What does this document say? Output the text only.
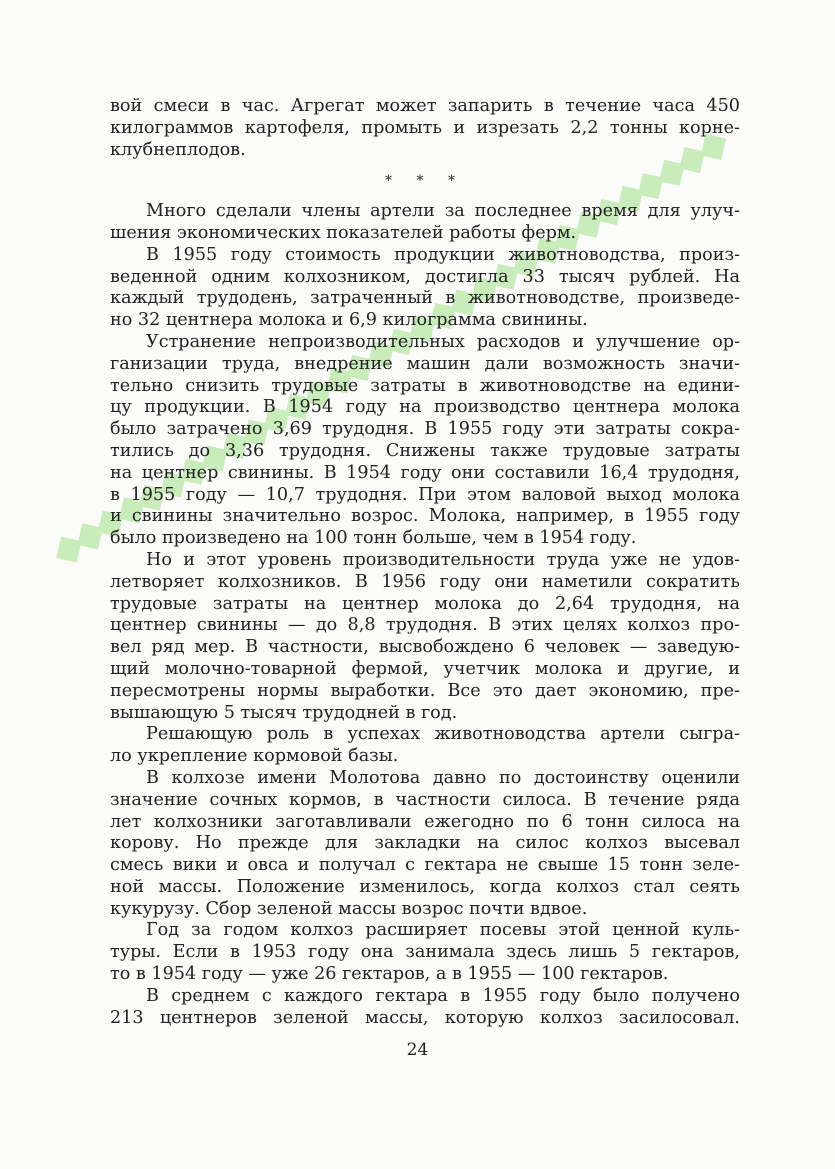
вой смеси в час. Агрегат может запарить в течение часа 450
килограммов картофеля, промыть и изрезать 2,2 тонны корне-
клубнеплодов.
* * *
Много сделали члены артели за последнее время для улуч-
шения экономических показателей работы ферм.
В 1955 году стоимость продукции животноводства, произ-
веденной одним колхозником, достигла 33 тысяч рублей. На
каждый трудодень, затраченный в животноводстве, произведе-
но 32 центнера молока и 6,9 килограмма свинины.
Устранение непроизводительных расходов и улучшение ор-
ганизации труда, внедрение машин дали возможность значи-
тельно снизить трудовые затраты в животноводстве на едини-
цу продукции. В 1954 году на производство центнера молока
было затрачено 3,69 трудодня. В 1955 году эти затраты сокра-
тились до 3,36 трудодня. Снижены также трудовые затраты
на центнер свинины. В 1954 году они составили 16,4 трудодня,
в 1955 году — 10,7 трудодня. При этом валовой выход молока
и свинины значительно возрос. Молока, например, в 1955 году
было произведено на 100 тонн больше, чем в 1954 году.
Но и этот уровень производительности труда уже не удов-
летворяет колхозников. В 1956 году они наметили сократить
трудовые затраты на центнер молока до 2,64 трудодня, на
центнер свинины — до 8,8 трудодня. В этих целях колхоз про-
вел ряд мер. В частности, высвобождено 6 человек — заведую-
щий молочно-товарной фермой, учетчик молока и другие, и
пересмотрены нормы выработки. Все это дает экономию, пре-
вышающую 5 тысяч трудодней в год.
Решающую роль в успехах животноводства артели сыгра-
ло укрепление кормовой базы.
В колхозе имени Молотова давно по достоинству оценили
значение сочных кормов, в частности силоса. В течение ряда
лет колхозники заготавливали ежегодно по 6 тонн силоса на
корову. Но прежде для закладки на силос колхоз высевал
смесь вики и овса и получал с гектара не свыше 15 тонн зеле-
ной массы. Положение изменилось, когда колхоз стал сеять
кукурузу. Сбор зеленой массы возрос почти вдвое.
Год за годом колхоз расширяет посевы этой ценной куль-
туры. Если в 1953 году она занимала здесь лишь 5 гектаров,
то в 1954 году — уже 26 гектаров, а в 1955 — 100 гектаров.
В среднем с каждого гектара в 1955 году было получено
213 центнеров зеленой массы, которую колхоз засилосовал.
24
